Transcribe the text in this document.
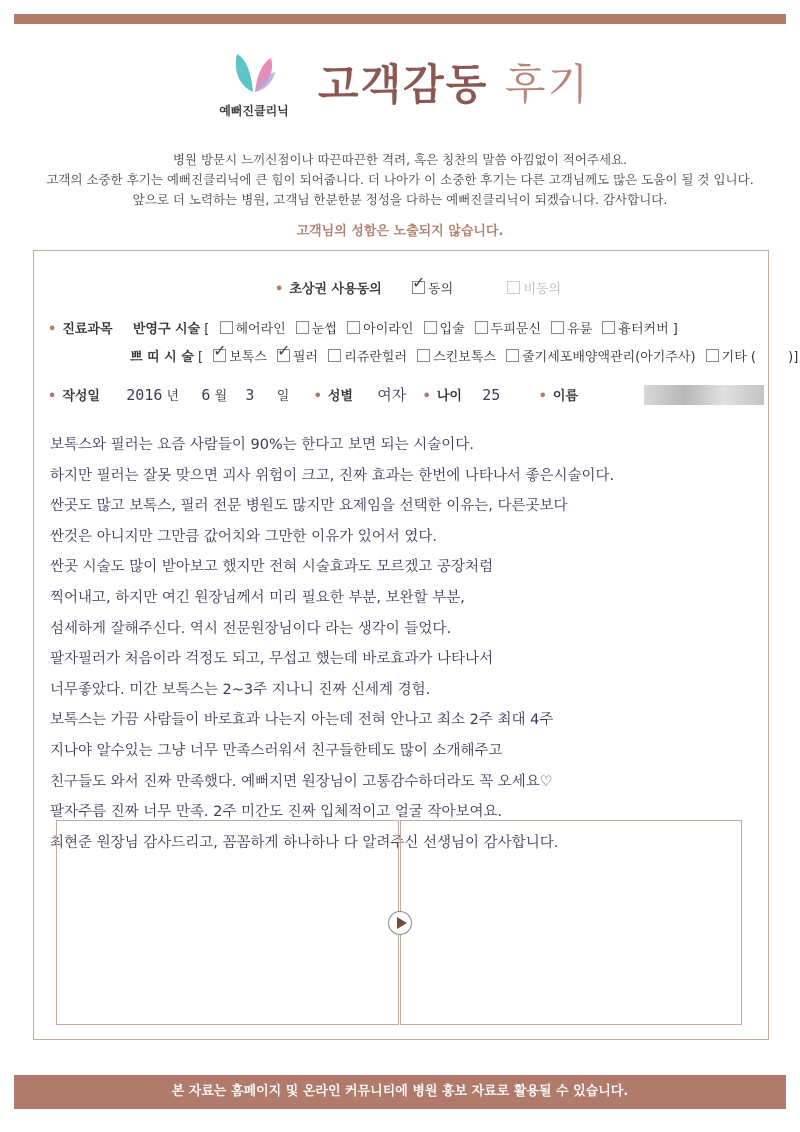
예뻐진클리닉
고객감동 후기
병원 방문시 느끼신점이나 따끈따끈한 격려, 혹은 칭찬의 말씀 아낌없이 적어주세요.
고객의 소중한 후기는 예뻐진클리닉에 큰 힘이 되어줍니다. 더 나아가 이 소중한 후기는 다른 고객님께도 많은 도움이 될 것 입니다.
앞으로 더 노력하는 병원, 고객님 한분한분 정성을 다하는 예뻐진클리닉이 되겠습니다. 감사합니다.
고객님의 성함은 노출되지 않습니다.
• 초상권 사용동의 ✓	동의	비동의
• 진료과목 반영구 시술 [ 헤어라인 눈썹 아이라인 입술 두피문신 유륜 흉터커버 ]
쁘 띠 시 술 [ ✓보톡스 ✓ 필러 리쥬란힐러 스킨보톡스 줄기세포배양액관리(아기주사) 기타 ( )]
• 작성일 2016 년 6 월 3 일 • 성별 여자 • 나이 25	• 이름
보톡스와 필러는 요즘 사람들이 90%는 한다고 보면 되는 시술이다.
하지만 필러는 잘못 맞으면 괴사 위험이 크고, 진짜 효과는 한번에 나타나서 좋은시술이다.
싼곳도 많고 보톡스, 필러 전문 병원도 많지만 요제임을 선택한 이유는, 다른곳보다
싼것은 아니지만 그만큼 값어치와 그만한 이유가 있어서 였다.
싼곳 시술도 많이 받아보고 했지만 전혀 시술효과도 모르겠고 공장처럼
찍어내고, 하지만 여긴 원장님께서 미리 필요한 부분, 보완할 부분,
섬세하게 잘해주신다. 역시 전문원장님이다 라는 생각이 들었다.
팔자필러가 처음이라 걱정도 되고, 무섭고 했는데 바로효과가 나타나서
너무좋았다. 미간 보톡스는 2~3주 지나니 진짜 신세계 경험.
보톡스는 가끔 사람들이 바로효과 나는지 아는데 전혀 안나고 최소 2주 최대 4주
지나야 알수있는 그냥 너무 만족스러워서 친구들한테도 많이 소개해주고
친구들도 와서 진짜 만족했다. 예뻐지면 원장님이 고통감수하더라도 꼭 오세요♡
팔자주름 진짜 너무 만족. 2주 미간도 진짜 입체적이고 얼굴 작아보여요.
최현준 원장님 감사드리고, 꼼꼼하게 하나하나 다 알려주신 선생님이 감사합니다.
본 자료는 홈페이지 및 온라인 커뮤니티에 병원 홍보 자료로 활용될 수 있습니다.
